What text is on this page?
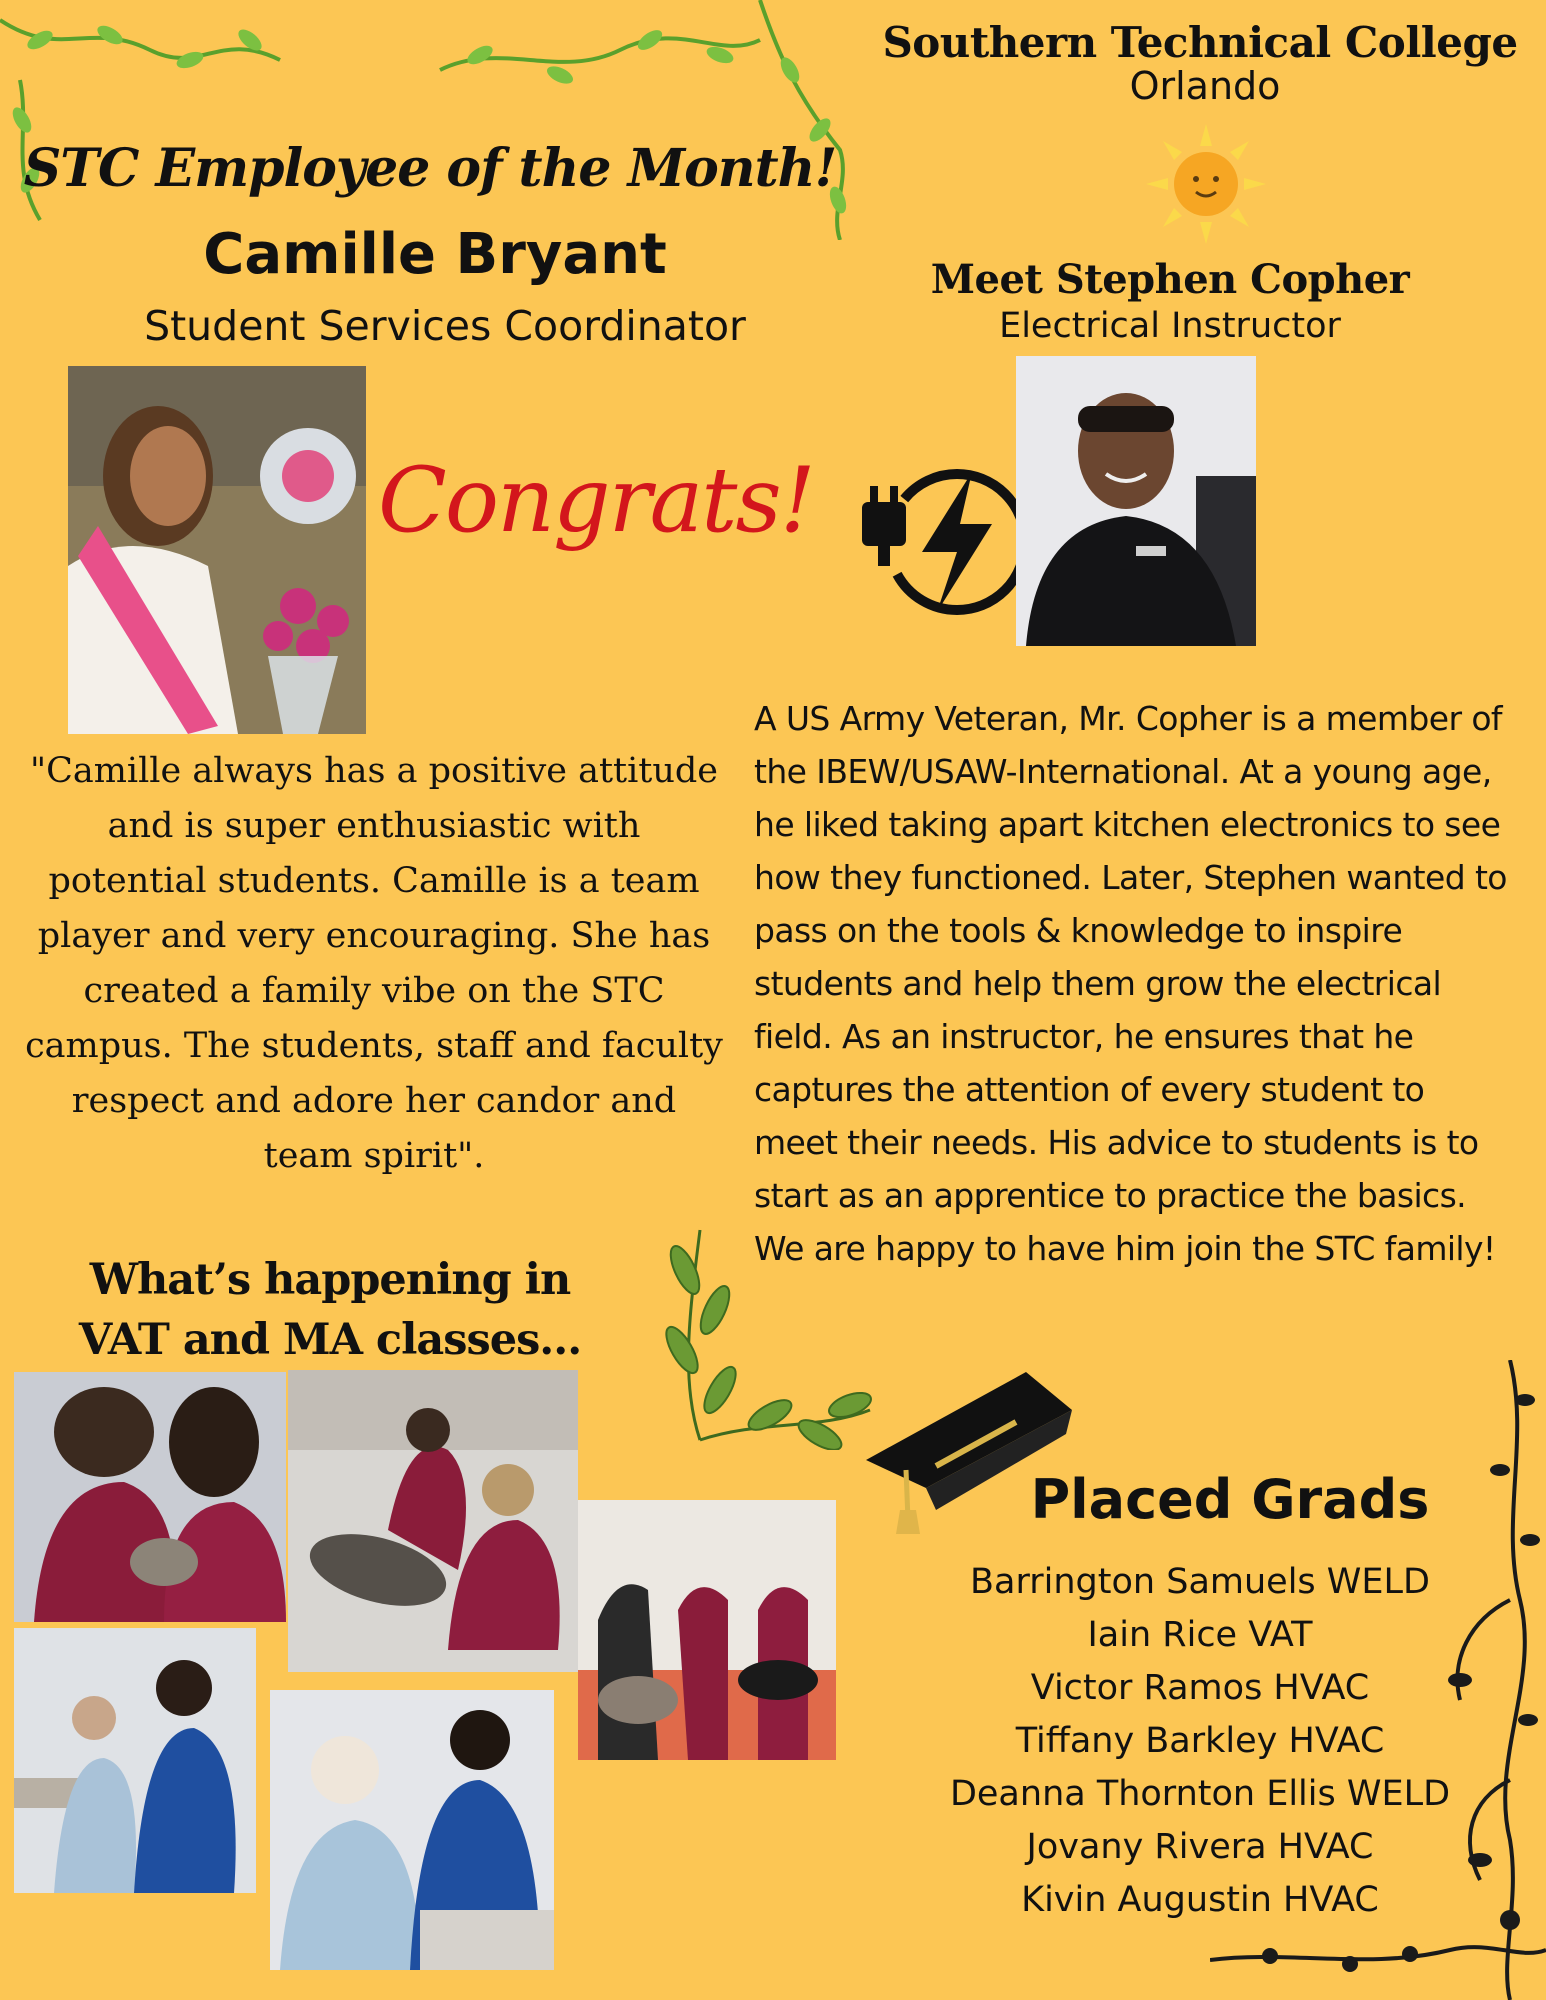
Southern Technical College
Orlando
STC Employee of the Month!
Camille Bryant
Student Services Coordinator
Meet Stephen Copher
Electrical Instructor
Congrats!
"Camille always has a positive attitude and is super enthusiastic with potential students. Camille is a team player and very encouraging. She has created a family vibe on the STC campus. The students, staff and faculty respect and adore her candor and team spirit".
A US Army Veteran, Mr. Copher is a member of the IBEW/USAW-International. At a young age, he liked taking apart kitchen electronics to see how they functioned. Later, Stephen wanted to pass on the tools & knowledge to inspire students and help them grow the electrical field. As an instructor, he ensures that he captures the attention of every student to meet their needs. His advice to students is to start as an apprentice to practice the basics. We are happy to have him join the STC family!
What’s happening in
VAT and MA classes...
Placed Grads
Barrington Samuels WELD
Iain Rice VAT
Victor Ramos HVAC
Tiffany Barkley HVAC
Deanna Thornton Ellis WELD
Jovany Rivera HVAC
Kivin Augustin HVAC
